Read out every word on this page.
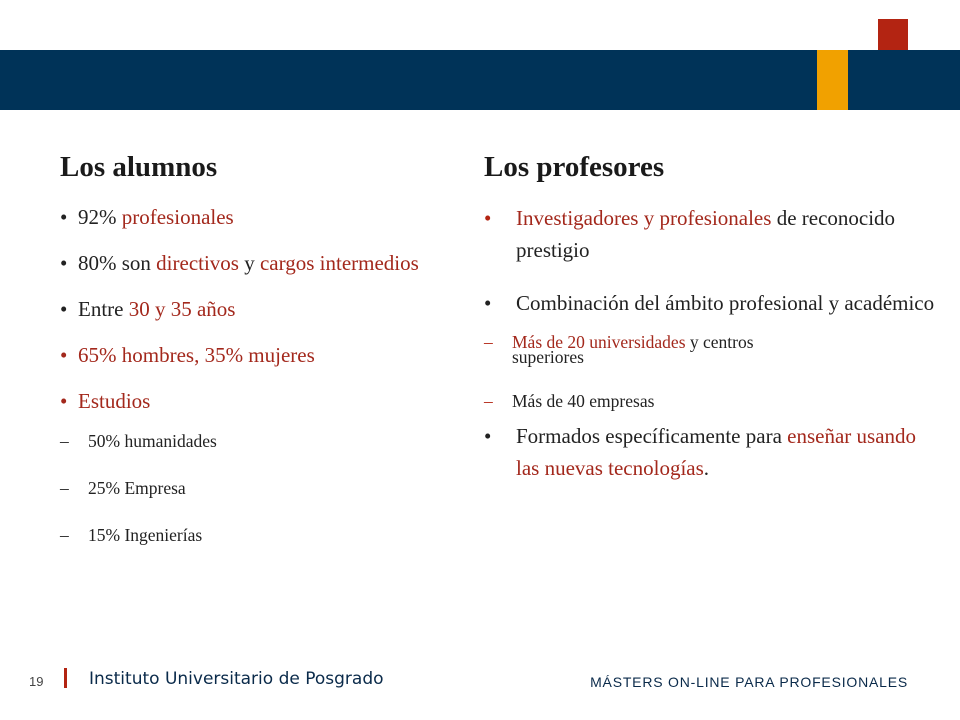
Los alumnos
• 92% profesionales
• 80% son directivos y cargos intermedios
• Entre 30 y 35 años
• 65% hombres, 35% mujeres
• Estudios
– 50% humanidades
– 25% Empresa
– 15% Ingenierías
Los profesores
• Investigadores y profesionales de reconocido prestigio
• Combinación del ámbito profesional y académico
– Más de 20 universidades y centros
superiores
– Más de 40 empresas
• Formados específicamente para enseñar usando las nuevas tecnologías.
19	Instituto Universitario de Posgrado	MÁSTERS ON-LINE PARA PROFESIONALES
